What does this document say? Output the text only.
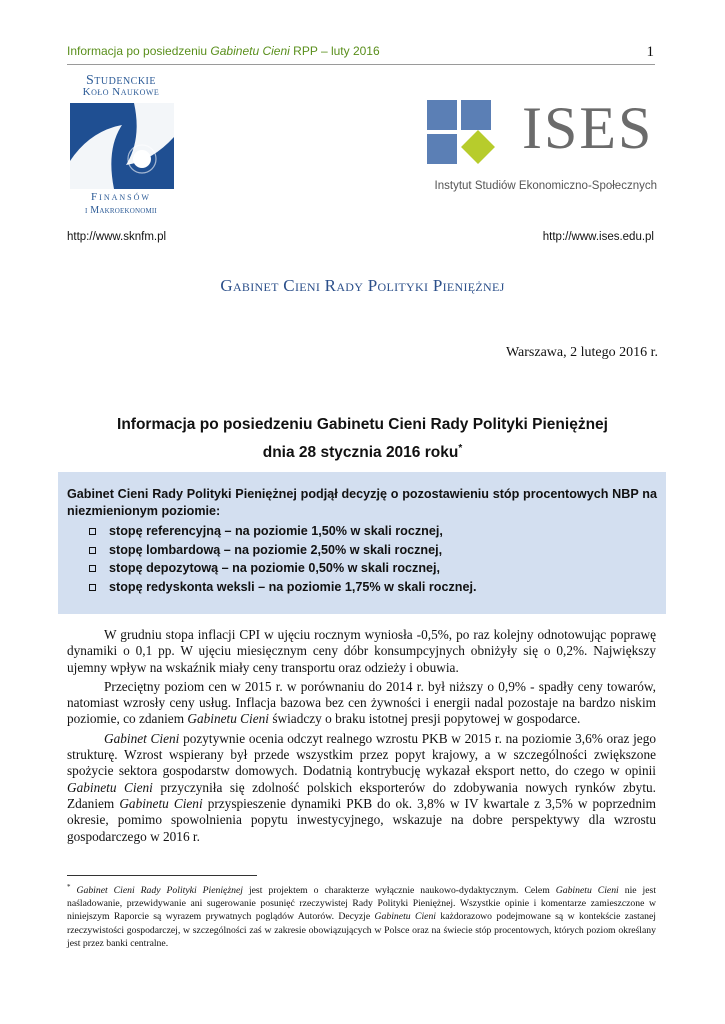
Informacja po posiedzeniu Gabinetu Cieni RPP – luty 2016	1
Studenckie
Koło Naukowe
Finansów
i Makroekonomii
ISES
Instytut Studiów Ekonomiczno-Społecznych
http://www.sknfm.pl	http://www.ises.edu.pl
Gabinet Cieni Rady Polityki Pieniężnej
Warszawa, 2 lutego 2016 r.
Informacja po posiedzeniu Gabinetu Cieni Rady Polityki Pieniężnej
dnia 28 stycznia 2016 roku*
Gabinet Cieni Rady Polityki Pieniężnej podjął decyzję o pozostawieniu stóp procentowych NBP na niezmienionym poziomie:
stopę referencyjną – na poziomie 1,50% w skali rocznej,
stopę lombardową – na poziomie 2,50% w skali rocznej,
stopę depozytową – na poziomie 0,50% w skali rocznej,
stopę redyskonta weksli – na poziomie 1,75% w skali rocznej.

W grudniu stopa inflacji CPI w ujęciu rocznym wyniosła -0,5%, po raz kolejny odnotowując poprawę dynamiki o 0,1 pp. W ujęciu miesięcznym ceny dóbr konsumpcyjnych obniżyły się o 0,2%. Największy ujemny wpływ na wskaźnik miały ceny transportu oraz odzieży i obuwia.

Przeciętny poziom cen w 2015 r. w porównaniu do 2014 r. był niższy o 0,9% - spadły ceny towarów, natomiast wzrosły ceny usług. Inflacja bazowa bez cen żywności i energii nadal pozostaje na bardzo niskim poziomie, co zdaniem Gabinetu Cieni świadczy o braku istotnej presji popytowej w gospodarce.

Gabinet Cieni pozytywnie ocenia odczyt realnego wzrostu PKB w 2015 r. na poziomie 3,6% oraz jego strukturę. Wzrost wspierany był przede wszystkim przez popyt krajowy, a w szczególności zwiększone spożycie sektora gospodarstw domowych. Dodatnią kontrybucję wykazał eksport netto, do czego w opinii Gabinetu Cieni przyczyniła się zdolność polskich eksporterów do zdobywania nowych rynków zbytu. Zdaniem Gabinetu Cieni przyspieszenie dynamiki PKB do ok. 3,8% w IV kwartale z 3,5% w poprzednim okresie, pomimo spowolnienia popytu inwestycyjnego, wskazuje na dobre perspektywy dla wzrostu gospodarczego w 2016 r.

* Gabinet Cieni Rady Polityki Pieniężnej jest projektem o charakterze wyłącznie naukowo-dydaktycznym. Celem Gabinetu Cieni nie jest naśladowanie, przewidywanie ani sugerowanie posunięć rzeczywistej Rady Polityki Pieniężnej. Wszystkie opinie i komentarze zamieszczone w niniejszym Raporcie są wyrazem prywatnych poglądów Autorów. Decyzje Gabinetu Cieni każdorazowo podejmowane są w kontekście zastanej rzeczywistości gospodarczej, w szczególności zaś w zakresie obowiązujących w Polsce oraz na świecie stóp procentowych, których poziom określany jest przez banki centralne.
